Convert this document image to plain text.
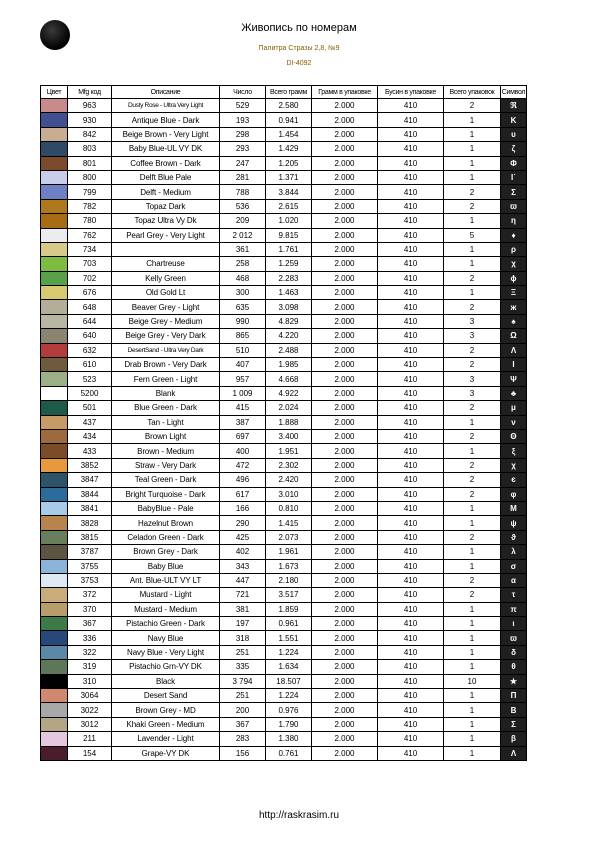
Живопись по номерам
Палитра Стразы 2,8, №9
DI-4092
Цвет	Mfg код	Описание	Число	Всего грамм	Грамм в упаковке	Бусин в упаковке	Всего упаковок	Символ
	963	Dusty Rose - Ultra Very Light	529	2.580	2.000	410	2	ℜ
	930	Antique Blue - Dark	193	0.941	2.000	410	1	K
	842	Beige Brown - Very Light	298	1.454	2.000	410	1	υ
	803	Baby Blue-UL VY DK	293	1.429	2.000	410	1	ζ
	801	Coffee Brown - Dark	247	1.205	2.000	410	1	Φ
	800	Delft Blue Pale	281	1.371	2.000	410	1	Ι˙
	799	Delft - Medium	788	3.844	2.000	410	2	Σ
	782	Topaz Dark	536	2.615	2.000	410	2	ϖ
	780	Topaz Ultra Vy Dk	209	1.020	2.000	410	1	η
	762	Pearl Grey - Very Light	2 012	9.815	2.000	410	5	♦
	734		361	1.761	2.000	410	1	ρ
	703	Chartreuse	258	1.259	2.000	410	1	χ
	702	Kelly Green	468	2.283	2.000	410	2	ϕ
	676	Old Gold Lt	300	1.463	2.000	410	1	Ξ
	648	Beaver Grey - Light	635	3.098	2.000	410	2	ж
	644	Beige Grey - Medium	990	4.829	2.000	410	3	♠
	640	Beige Grey - Very Dark	865	4.220	2.000	410	3	Ω
	632	DesertSand - Ultra Very Dark	510	2.488	2.000	410	2	Λ
	610	Drab Brown - Very Dark	407	1.985	2.000	410	2	Ι
	523	Fern Green - Light	957	4.668	2.000	410	3	Ψ
	5200	Blank	1 009	4.922	2.000	410	3	♣
	501	Blue Green - Dark	415	2.024	2.000	410	2	μ
	437	Tan - Light	387	1.888	2.000	410	1	ν
	434	Brown Light	697	3.400	2.000	410	2	Θ
	433	Brown - Medium	400	1.951	2.000	410	1	ξ
	3852	Straw - Very Dark	472	2.302	2.000	410	2	χ
	3847	Teal Green - Dark	496	2.420	2.000	410	2	є
	3844	Bright Turquoise - Dark	617	3.010	2.000	410	2	φ
	3841	BabyBlue - Pale	166	0.810	2.000	410	1	Μ
	3828	Hazelnut Brown	290	1.415	2.000	410	1	ψ
	3815	Celadon Green - Dark	425	2.073	2.000	410	2	ϑ
	3787	Brown Grey - Dark	402	1.961	2.000	410	1	λ
	3755	Baby Blue	343	1.673	2.000	410	1	σ
	3753	Ant. Blue-ULT VY LT	447	2.180	2.000	410	2	α
	372	Mustard - Light	721	3.517	2.000	410	2	τ
	370	Mustard - Medium	381	1.859	2.000	410	1	π
	367	Pistachio Green - Dark	197	0.961	2.000	410	1	ι
	336	Navy Blue	318	1.551	2.000	410	1	ϖ
	322	Navy Blue - Very Light	251	1.224	2.000	410	1	δ
	319	Pistachio Grn-VY DK	335	1.634	2.000	410	1	θ
	310	Black	3 794	18.507	2.000	410	10	★
	3064	Desert Sand	251	1.224	2.000	410	1	Π
	3022	Brown Grey - MD	200	0.976	2.000	410	1	Β
	3012	Khaki Green - Medium	367	1.790	2.000	410	1	Σ
	211	Lavender - Light	283	1.380	2.000	410	1	β
	154	Grape-VY DK	156	0.761	2.000	410	1	Λ
http://raskrasim.ru
